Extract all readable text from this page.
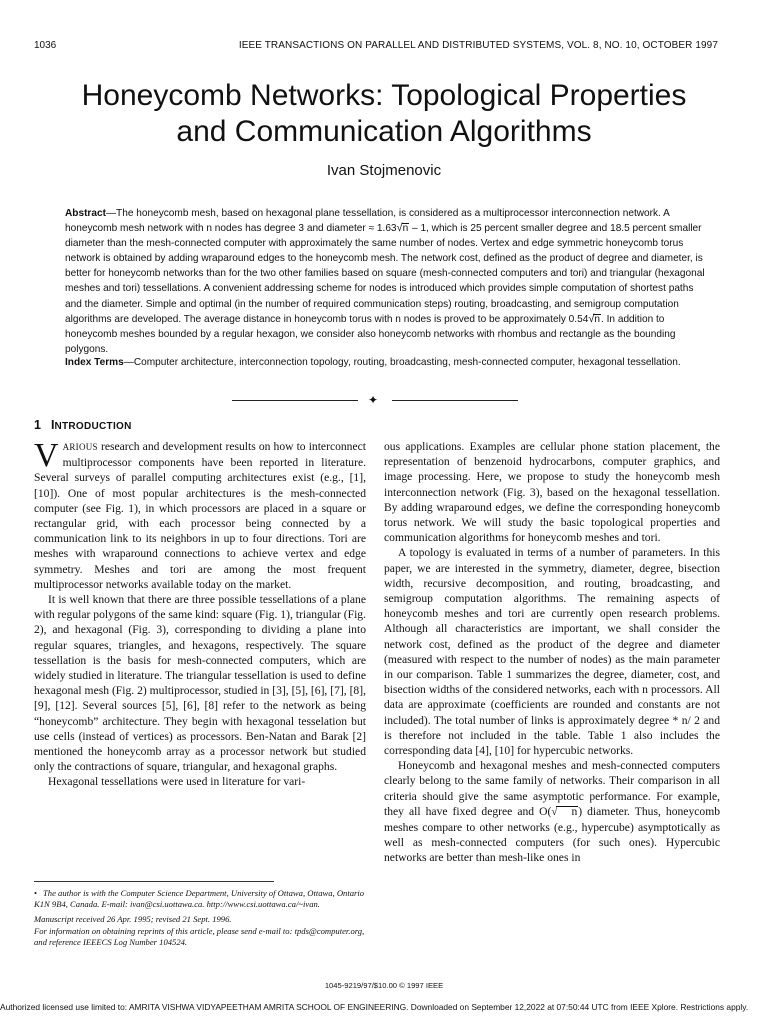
1036	IEEE TRANSACTIONS ON PARALLEL AND DISTRIBUTED SYSTEMS, VOL. 8, NO. 10, OCTOBER 1997
Honeycomb Networks: Topological Properties
and Communication Algorithms
Ivan Stojmenovic

Abstract—The honeycomb mesh, based on hexagonal plane tessellation, is considered as a multiprocessor interconnection network. A honeycomb mesh network with n nodes has degree 3 and diameter ≈ 1.63√n – 1, which is 25 percent smaller degree and 18.5 percent smaller diameter than the mesh-connected computer with approximately the same number of nodes. Vertex and edge symmetric honeycomb torus network is obtained by adding wraparound edges to the honeycomb mesh. The network cost, defined as the product of degree and diameter, is better for honeycomb networks than for the two other families based on square (mesh-connected computers and tori) and triangular (hexagonal meshes and tori) tessellations. A convenient addressing scheme for nodes is introduced which provides simple computation of shortest paths and the diameter. Simple and optimal (in the number of required communication steps) routing, broadcasting, and semigroup computation algorithms are developed. The average distance in honeycomb torus with n nodes is proved to be approximately 0.54√n. In addition to honeycomb meshes bounded by a regular hexagon, we consider also honeycomb networks with rhombus and rectangle as the bounding polygons.

Index Terms—Computer architecture, interconnection topology, routing, broadcasting, mesh-connected computer, hexagonal tessellation.

✦
1 INTRODUCTION

VARIOUS research and development results on how to interconnect multiprocessor components have been reported in literature. Several surveys of parallel computing architectures exist (e.g., [1], [10]). One of most popular architectures is the mesh-connected computer (see Fig. 1), in which processors are placed in a square or rectangular grid, with each processor being connected by a communication link to its neighbors in up to four directions. Tori are meshes with wraparound connections to achieve vertex and edge symmetry. Meshes and tori are among the most frequent multiprocessor networks available today on the market.

It is well known that there are three possible tessellations of a plane with regular polygons of the same kind: square (Fig. 1), triangular (Fig. 2), and hexagonal (Fig. 3), corresponding to dividing a plane into regular squares, triangles, and hexagons, respectively. The square tessellation is the basis for mesh-connected computers, which are widely studied in literature. The triangular tessellation is used to define hexagonal mesh (Fig. 2) multiprocessor, studied in [3], [5], [6], [7], [8], [9], [12]. Several sources [5], [6], [8] refer to the network as being “honeycomb” architecture. They begin with hexagonal tesselation but use cells (instead of vertices) as processors. Ben-Natan and Barak [2] mentioned the honeycomb array as a processor network but studied only the contractions of square, triangular, and hexagonal graphs.

Hexagonal tessellations were used in literature for vari-

ous applications. Examples are cellular phone station placement, the representation of benzenoid hydrocarbons, computer graphics, and image processing. Here, we propose to study the honeycomb mesh interconnection network (Fig. 3), based on the hexagonal tessellation. By adding wraparound edges, we define the corresponding honeycomb torus network. We will study the basic topological properties and communication algorithms for honeycomb meshes and tori.

A topology is evaluated in terms of a number of parameters. In this paper, we are interested in the symmetry, diameter, degree, bisection width, recursive decomposition, and routing, broadcasting, and semigroup computation algorithms. The remaining aspects of honeycomb meshes and tori are currently open research problems. Although all characteristics are important, we shall consider the network cost, defined as the product of the degree and diameter (measured with respect to the number of nodes) as the main parameter in our comparison. Table 1 summarizes the degree, diameter, cost, and bisection widths of the considered networks, each with n processors. All data are approximate (coefficients are rounded and constants are not included). The total number of links is approximately degree * n/ 2 and is therefore not included in the table. Table 1 also includes the corresponding data [4], [10] for hypercubic networks.

Honeycomb and hexagonal meshes and mesh-connected computers clearly belong to the same family of networks. Their comparison in all criteria should give the same asymptotic performance. For example, they all have fixed degree and O(√ n) diameter. Thus, honeycomb meshes compare to other networks (e.g., hypercube) asymptotically as well as mesh-connected computers (for such ones). Hypercubic networks are better than mesh-like ones in

• The author is with the Computer Science Department, University of Ottawa, Ottawa, Ontario K1N 9B4, Canada. E-mail: ivan@csi.uottawa.ca. http://www.csi.uottawa.ca/~ivan.

Manuscript received 26 Apr. 1995; revised 21 Sept. 1996.

For information on obtaining reprints of this article, please send e-mail to: tpds@computer.org, and reference IEEECS Log Number 104524.

1045-9219/97/$10.00 © 1997 IEEE
Authorized licensed use limited to: AMRITA VISHWA VIDYAPEETHAM AMRITA SCHOOL OF ENGINEERING. Downloaded on September 12,2022 at 07:50:44 UTC from IEEE Xplore. Restrictions apply.
